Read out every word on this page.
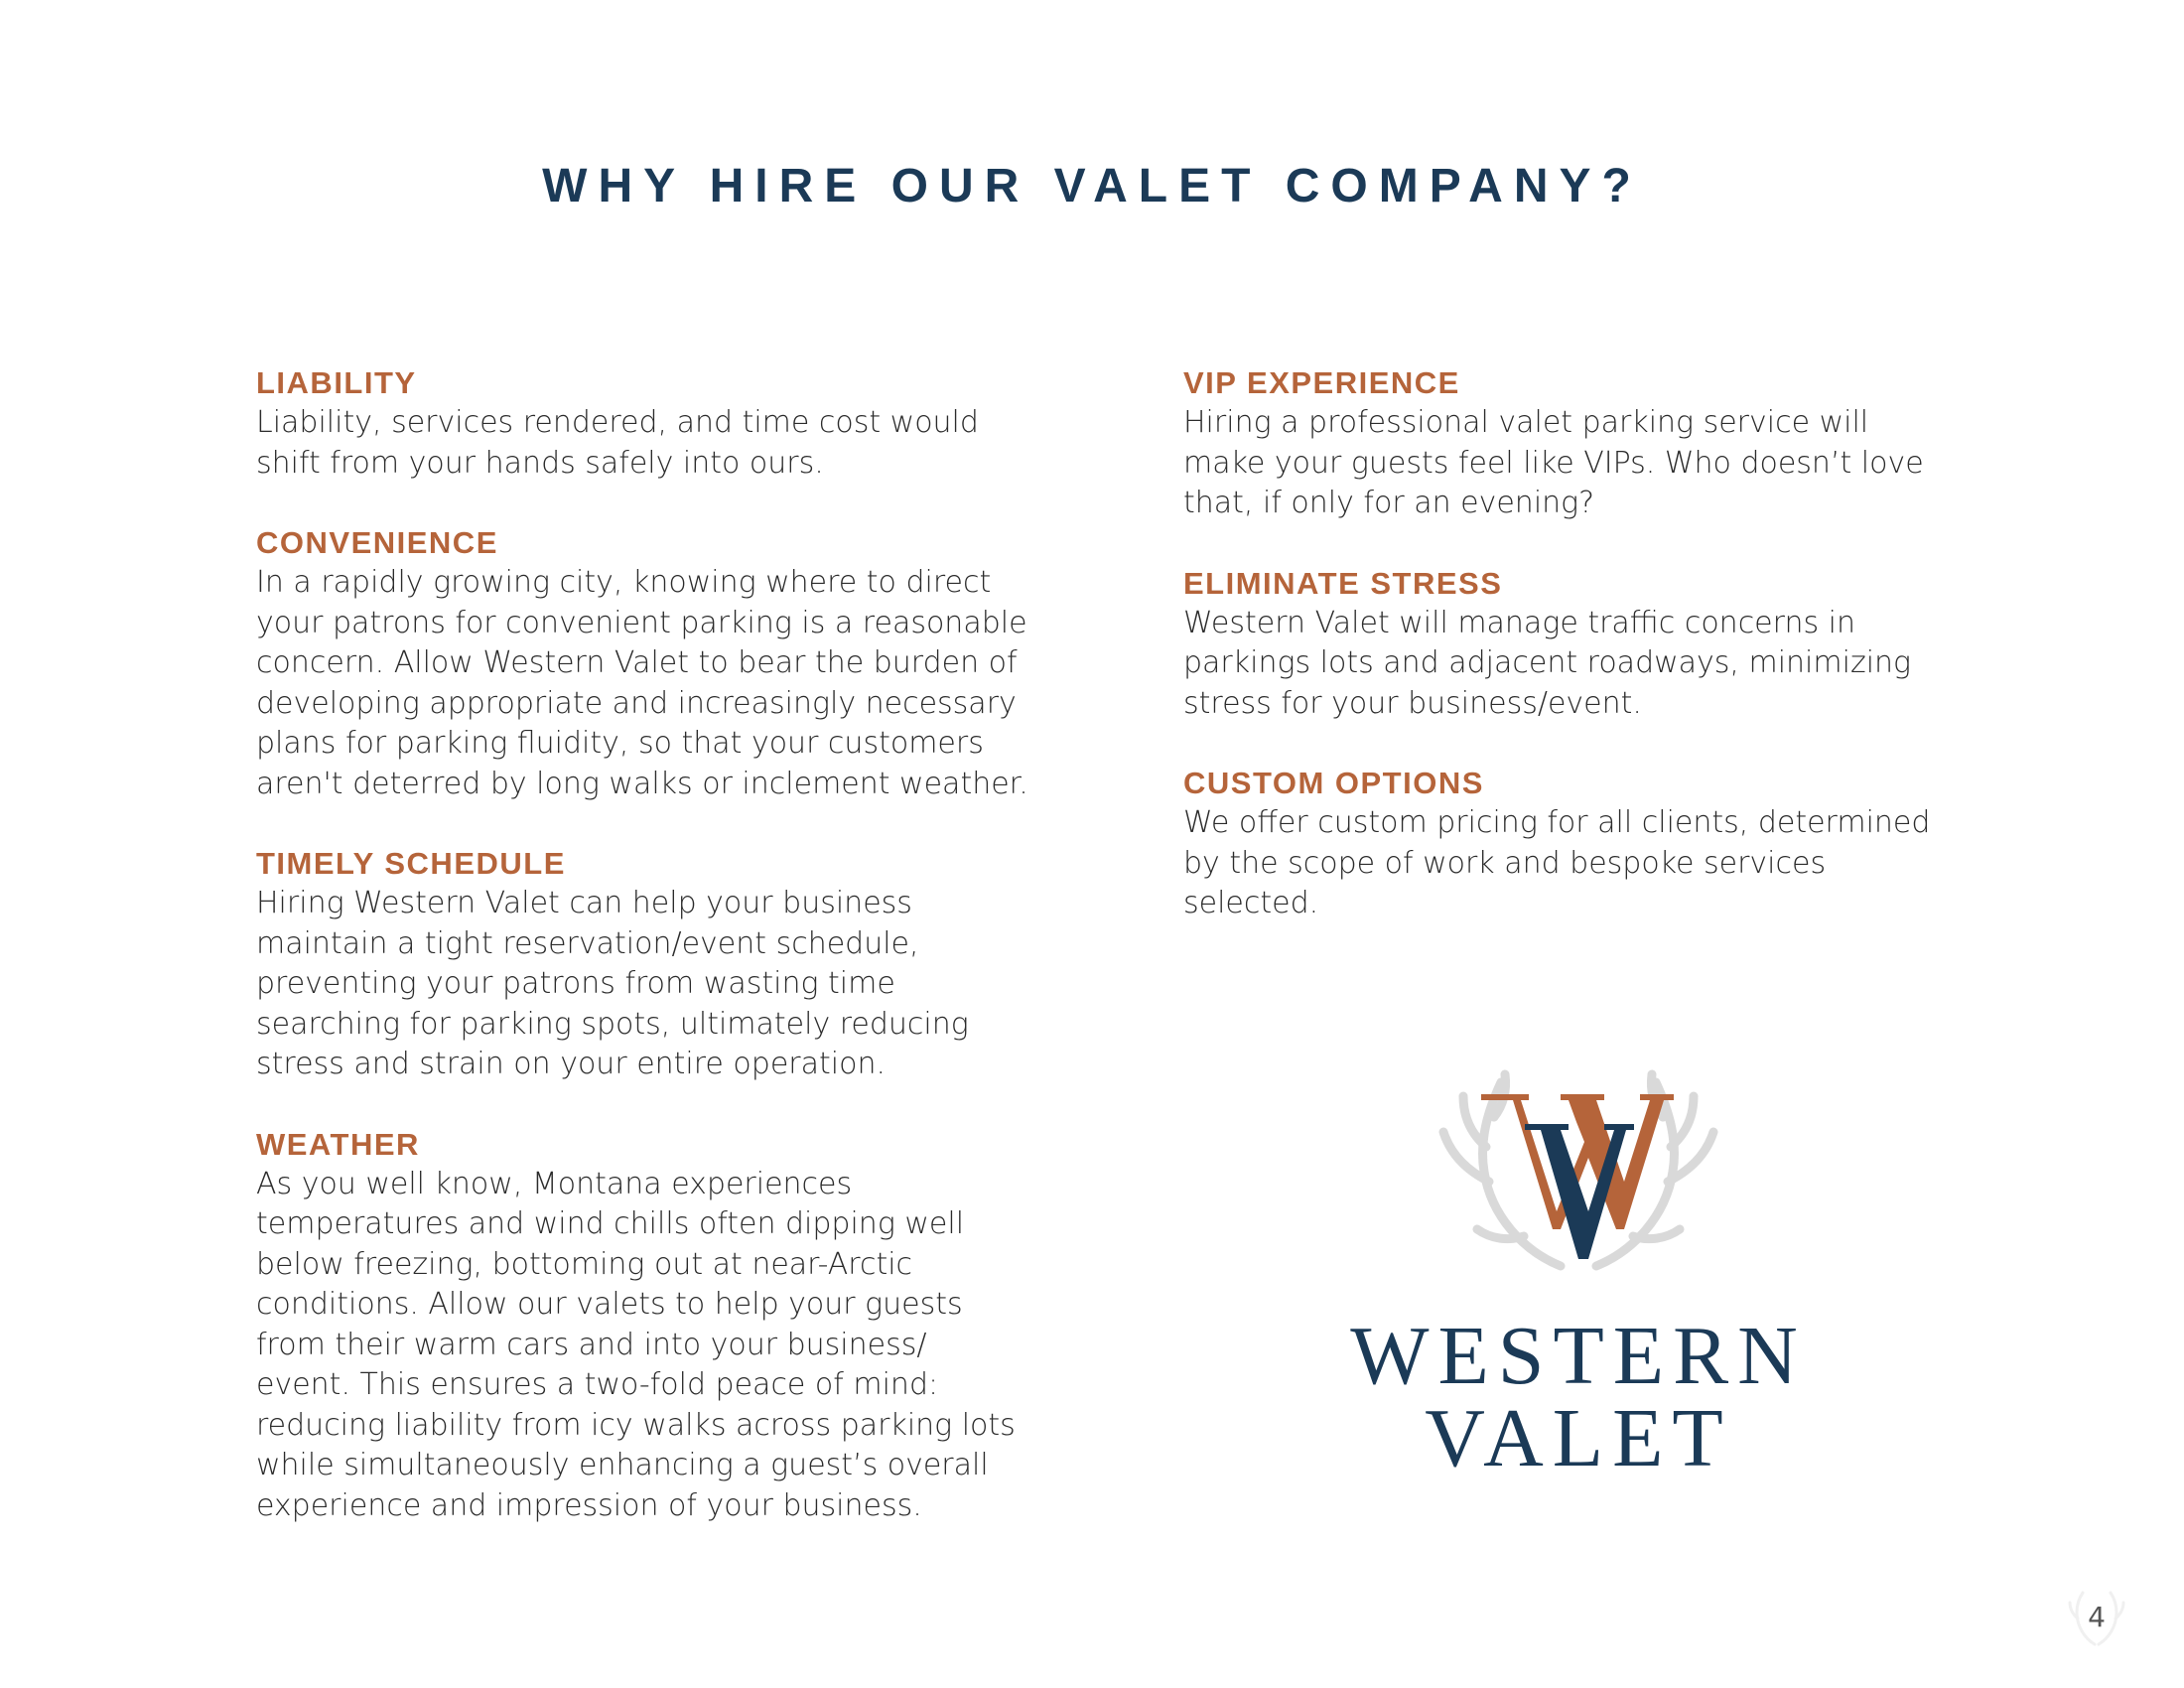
WHY HIRE OUR VALET COMPANY?

LIABILITY

Liability, services rendered, and time cost would
shift from your hands safely into ours.

CONVENIENCE

In a rapidly growing city, knowing where to direct
your patrons for convenient parking is a reasonable
concern. Allow Western Valet to bear the burden of
developing appropriate and increasingly necessary
plans for parking fluidity, so that your customers
aren't deterred by long walks or inclement weather.

TIMELY SCHEDULE

Hiring Western Valet can help your business
maintain a tight reservation/event schedule,
preventing your patrons from wasting time
searching for parking spots, ultimately reducing
stress and strain on your entire operation.

WEATHER

As you well know, Montana experiences
temperatures and wind chills often dipping well
below freezing, bottoming out at near-Arctic
conditions. Allow our valets to help your guests
from their warm cars and into your business/
event. This ensures a two-fold peace of mind:
reducing liability from icy walks across parking lots
while simultaneously enhancing a guest’s overall
experience and impression of your business.

VIP EXPERIENCE

Hiring a professional valet parking service will
make your guests feel like VIPs. Who doesn’t love
that, if only for an evening?

ELIMINATE STRESS

Western Valet will manage traffic concerns in
parkings lots and adjacent roadways, minimizing
stress for your business/event.

CUSTOM OPTIONS

We offer custom pricing for all clients, determined
by the scope of work and bespoke services
selected.

WESTERN

VALET

4
